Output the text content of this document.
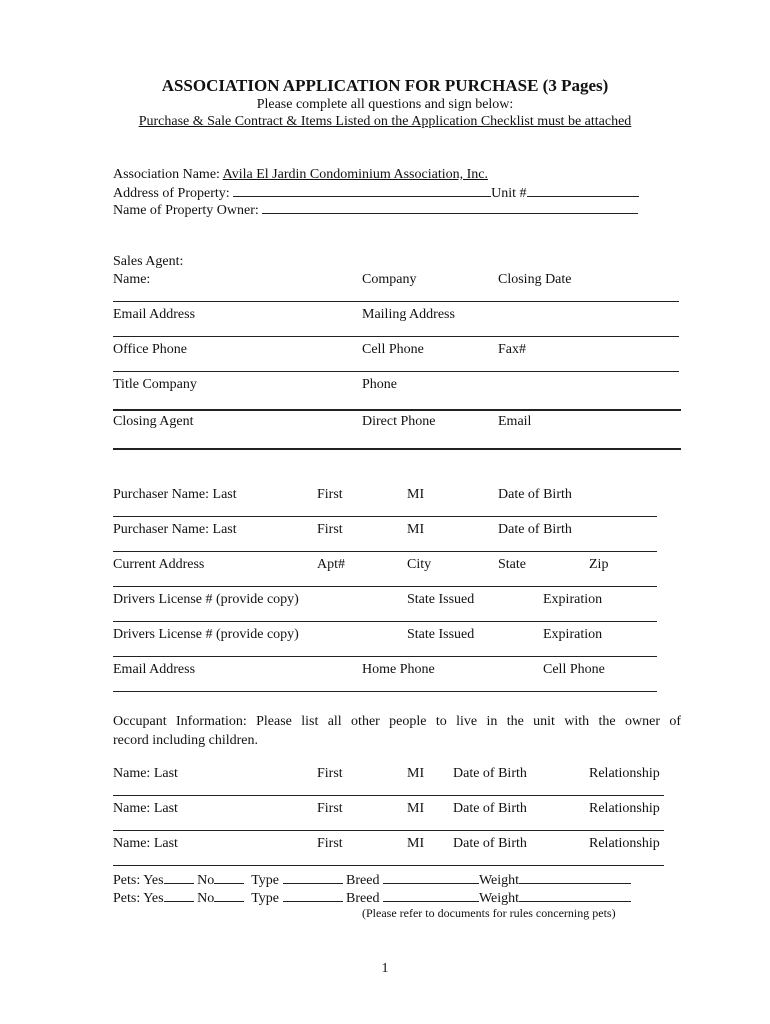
ASSOCIATION APPLICATION FOR PURCHASE (3 Pages)
Please complete all questions and sign below:
Purchase & Sale Contract & Items Listed on the Application Checklist must be attached
Association Name: Avila El Jardin Condominium Association, Inc.
Address of Property:	Unit #
Name of Property Owner:
Sales Agent:
Name:	Company	Closing Date
Email Address	Mailing Address
Office Phone	Cell Phone	Fax#
Title Company	Phone
Closing Agent	Direct Phone	Email
Purchaser Name: Last	First	MI	Date of Birth
Purchaser Name: Last	First	MI	Date of Birth
Current Address	Apt#	City	State	Zip
Drivers License # (provide copy)	State Issued	Expiration
Drivers License # (provide copy)	State Issued	Expiration
Email Address	Home Phone	Cell Phone
Occupant Information: Please list all other people to live in the unit with the owner of
record including children.
Name: Last	First	MI Date of Birth	Relationship
Name: Last	First	MI Date of Birth	Relationship
Name: Last	First	MI Date of Birth	Relationship
Pets: Yes No	Type	Breed	Weight
Pets: Yes No	Type	Breed	Weight
(Please refer to documents for rules concerning pets)
1
